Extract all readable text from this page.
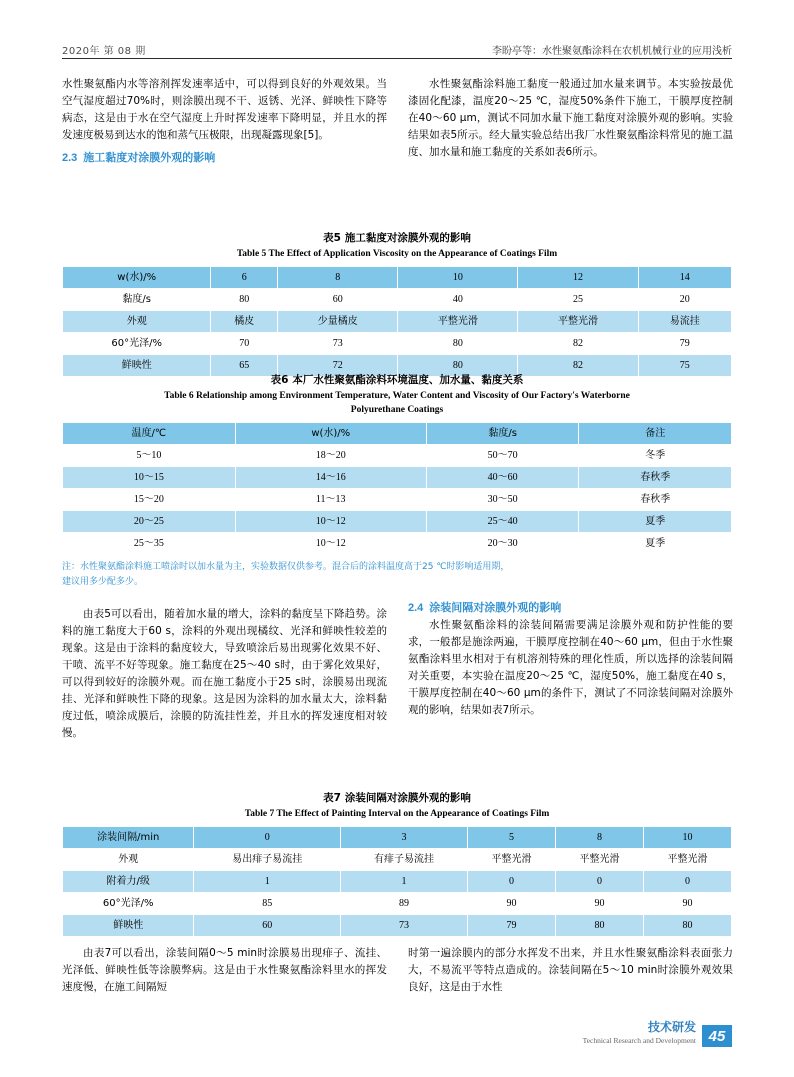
2020年 第 08 期	李盼亭等：水性聚氨酯涂料在农机机械行业的应用浅析

水性聚氨酯内水等溶剂挥发速率适中，可以得到良好的外观效果。当空气湿度超过70%时，则涂膜出现不干、返锈、光泽、鲜映性下降等病态，这是由于水在空气湿度上升时挥发速率下降明显，并且水的挥发速度极易到达水的饱和蒸气压极限，出现凝露现象[5]。

2.3 施工黏度对涂膜外观的影响

水性聚氨酯涂料施工黏度一般通过加水量来调节。本实验按最优漆固化配漆，温度20～25 ℃，湿度50%条件下施工，干膜厚度控制在40～60 μm，测试不同加水量下施工黏度对涂膜外观的影响。实验结果如表5所示。经大量实验总结出我厂水性聚氨酯涂料常见的施工温度、加水量和施工黏度的关系如表6所示。

表5 施工黏度对涂膜外观的影响
Table 5 The Effect of Application Viscosity on the Appearance of Coatings Film
w(水)/%	6	8	10	12	14
黏度/s	80	60	40	25	20
外观	橘皮	少量橘皮	平整光滑	平整光滑	易流挂
60°光泽/%	70	73	80	82	79
鲜映性	65	72	80	82	75
表6 本厂水性聚氨酯涂料环境温度、加水量、黏度关系
Table 6 Relationship among Environment Temperature, Water Content and Viscosity of Our Factory′s Waterborne
Polyurethane Coatings
温度/℃	w(水)/%	黏度/s	备注
5～10	18～20	50～70	冬季
10～15	14～16	40～60	春秋季
15～20	11～13	30～50	春秋季
20～25	10～12	25～40	夏季
25～35	10～12	20～30	夏季
注：水性聚氨酯涂料施工喷涂时以加水量为主，实验数据仅供参考。混合后的涂料温度高于25 ℃时影响适用期，
建议用多少配多少。

由表5可以看出，随着加水量的增大，涂料的黏度呈下降趋势。涂料的施工黏度大于60 s，涂料的外观出现橘纹、光泽和鲜映性较差的现象。这是由于涂料的黏度较大，导致喷涂后易出现雾化效果不好、干喷、流平不好等现象。施工黏度在25～40 s时，由于雾化效果好，可以得到较好的涂膜外观。而在施工黏度小于25 s时，涂膜易出现流挂、光泽和鲜映性下降的现象。这是因为涂料的加水量太大，涂料黏度过低，喷涂成膜后，涂膜的防流挂性差，并且水的挥发速度相对较慢。

2.4 涂装间隔对涂膜外观的影响

水性聚氨酯涂料的涂装间隔需要满足涂膜外观和防护性能的要求，一般都是施涂两遍，干膜厚度控制在40～60 μm，但由于水性聚氨酯涂料里水相对于有机溶剂特殊的理化性质，所以选择的涂装间隔对关重要，本实验在温度20～25 ℃，湿度50%，施工黏度在40 s，干膜厚度控制在40～60 μm的条件下，测试了不同涂装间隔对涂膜外观的影响，结果如表7所示。

表7 涂装间隔对涂膜外观的影响
Table 7 The Effect of Painting Interval on the Appearance of Coatings Film
涂装间隔/min	0	3	5	8	10
外观	易出痱子易流挂	有痱子易流挂	平整光滑	平整光滑	平整光滑
附着力/级	1	1	0	0	0
60°光泽/%	85	89	90	90	90
鲜映性	60	73	79	80	80

由表7可以看出，涂装间隔0～5 min时涂膜易出现痱子、流挂、光泽低、鲜映性低等涂膜弊病。这是由于水性聚氨酯涂料里水的挥发速度慢，在施工间隔短

时第一遍涂膜内的部分水挥发不出来，并且水性聚氨酯涂料表面张力大，不易流平等特点造成的。涂装间隔在5～10 min时涂膜外观效果良好，这是由于水性

技术研发
Technical Research and Development 45
